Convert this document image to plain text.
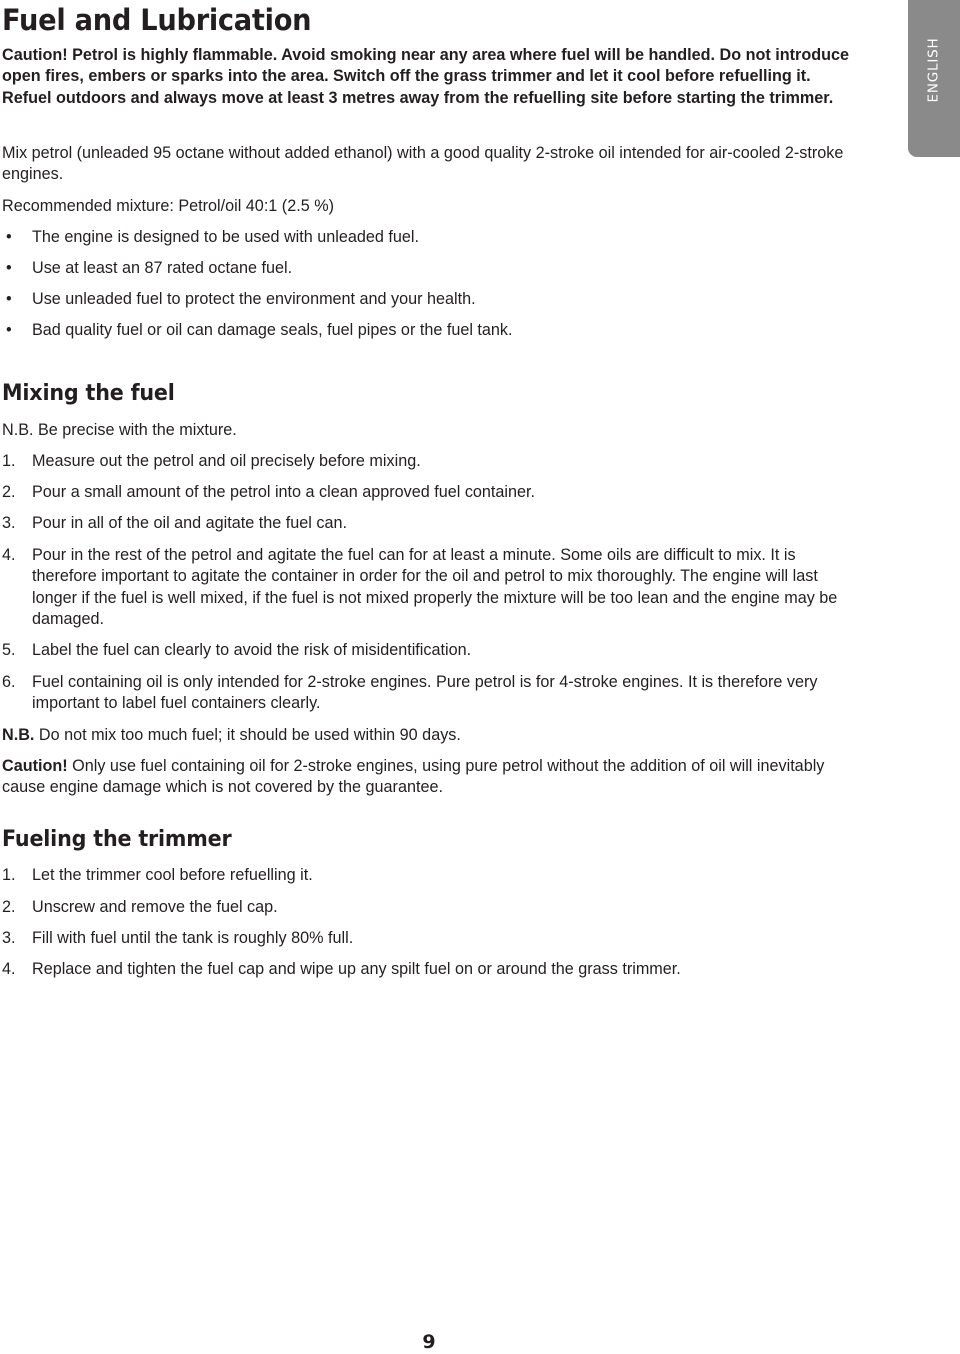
ENGLISH
Fuel and Lubrication

Caution! Petrol is highly flammable. Avoid smoking near any area where fuel will be handled. Do not introduce open fires, embers or sparks into the area. Switch off the grass trimmer and let it cool before refuelling it. Refuel outdoors and always move at least 3 metres away from the refuelling site before starting the trimmer.

Mix petrol (unleaded 95 octane without added ethanol) with a good quality 2-stroke oil intended for air-cooled 2-stroke engines.

Recommended mixture: Petrol/oil 40:1 (2.5 %)

• The engine is designed to be used with unleaded fuel.
• Use at least an 87 rated octane fuel.
• Use unleaded fuel to protect the environment and your health.
• Bad quality fuel or oil can damage seals, fuel pipes or the fuel tank.
Mixing the fuel

N.B. Be precise with the mixture.

1. Measure out the petrol and oil precisely before mixing.
2. Pour a small amount of the petrol into a clean approved fuel container.
3. Pour in all of the oil and agitate the fuel can.
4. Pour in the rest of the petrol and agitate the fuel can for at least a minute. Some oils are difficult to mix. It is therefore important to agitate the container in order for the oil and petrol to mix thoroughly. The engine will last longer if the fuel is well mixed, if the fuel is not mixed properly the mixture will be too lean and the engine may be damaged.
5. Label the fuel can clearly to avoid the risk of misidentification.
6. Fuel containing oil is only intended for 2-stroke engines. Pure petrol is for 4-stroke engines. It is therefore very important to label fuel containers clearly.

N.B. Do not mix too much fuel; it should be used within 90 days.

Caution! Only use fuel containing oil for 2-stroke engines, using pure petrol without the addition of oil will inevitably cause engine damage which is not covered by the guarantee.

Fueling the trimmer
1. Let the trimmer cool before refuelling it.
2. Unscrew and remove the fuel cap.
3. Fill with fuel until the tank is roughly 80% full.
4. Replace and tighten the fuel cap and wipe up any spilt fuel on or around the grass trimmer.
9
